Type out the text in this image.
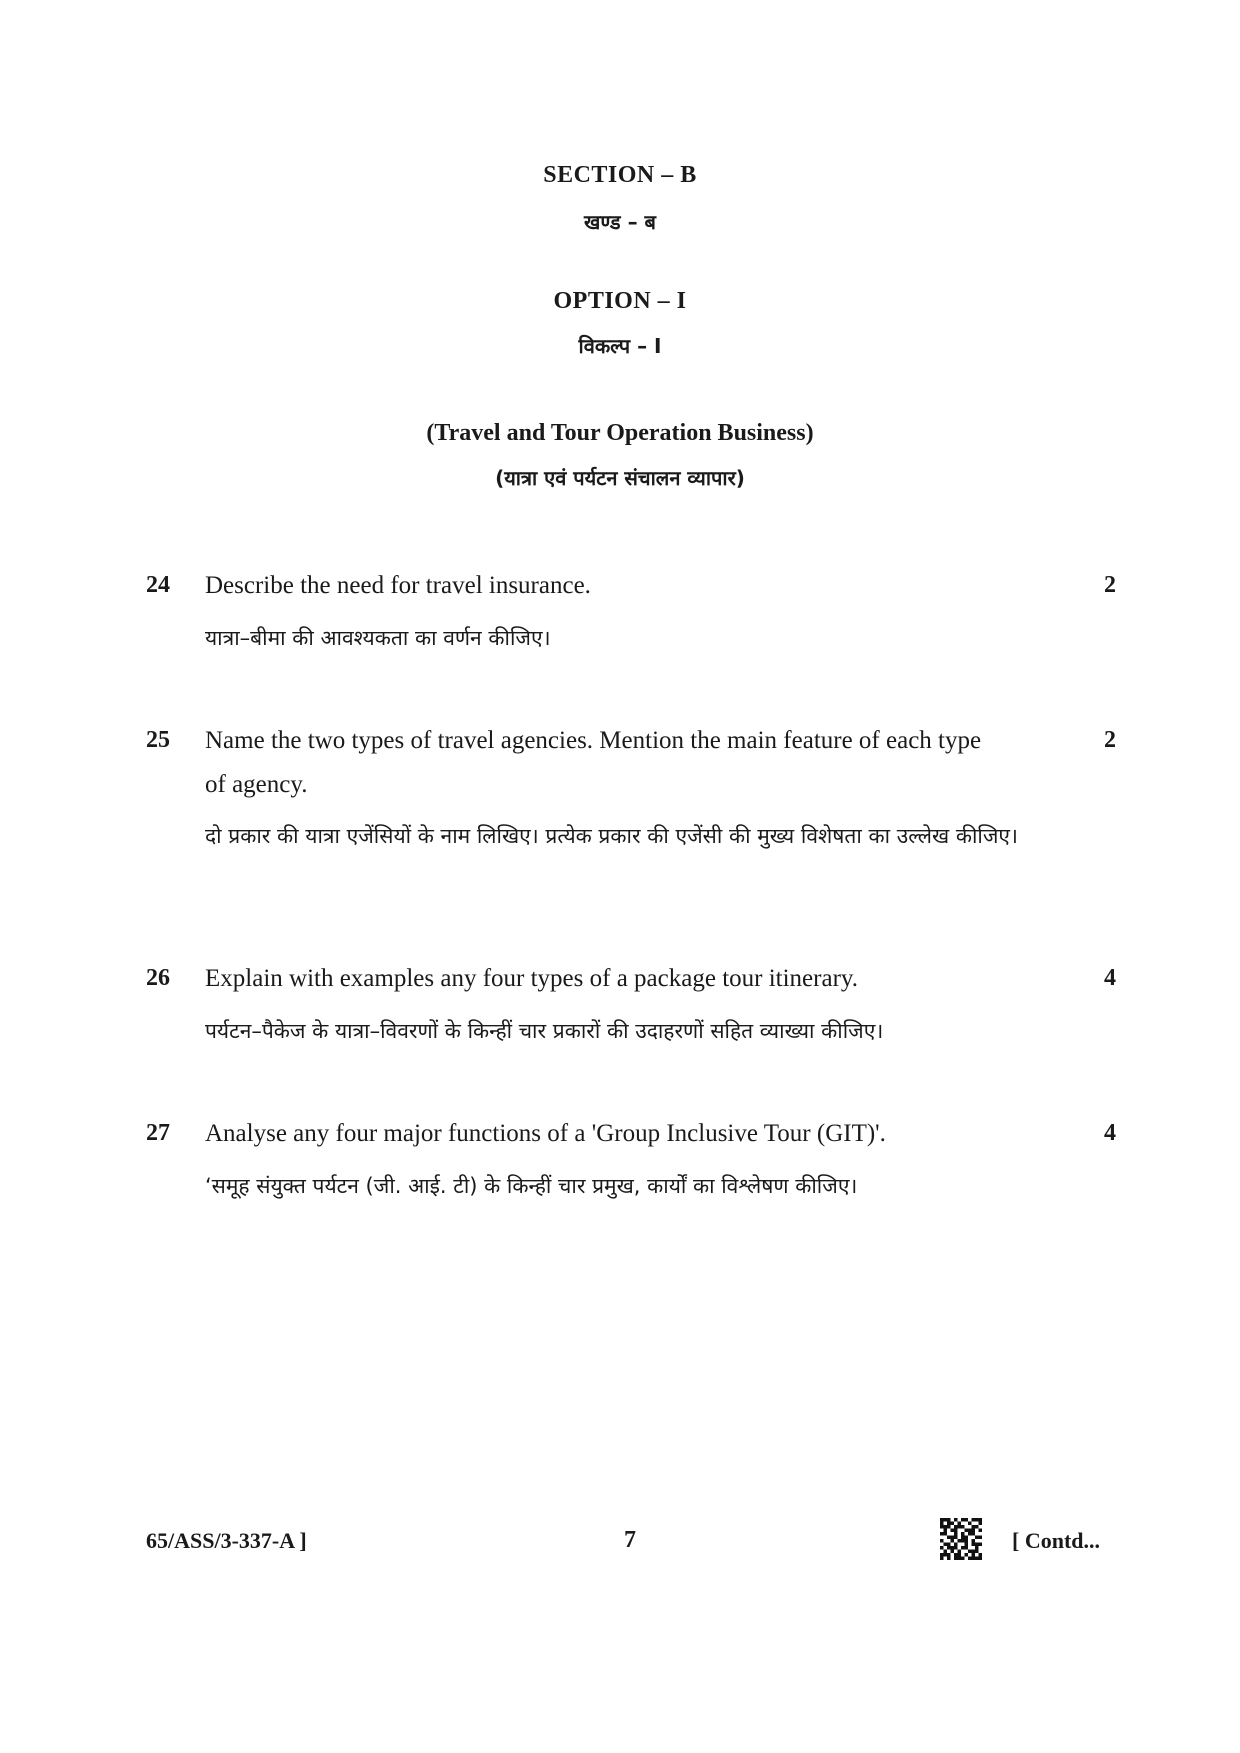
SECTION – B
खण्ड – ब
OPTION – I
विकल्प – I
(Travel and Tour Operation Business)
(यात्रा एवं पर्यटन संचालन व्यापार)
24 Describe the need for travel insurance.	2
यात्रा–बीमा की आवश्यकता का वर्णन कीजिए।
25 Name the two types of travel agencies. Mention the main feature of each type of agency.
2
दो प्रकार की यात्रा एजेंसियों के नाम लिखिए। प्रत्येक प्रकार की एजेंसी की मुख्य विशेषता का उल्लेख कीजिए।
26 Explain with examples any four types of a package tour itinerary.	4
पर्यटन–पैकेज के यात्रा–विवरणों के किन्हीं चार प्रकारों की उदाहरणों सहित व्याख्या कीजिए।
27 Analyse any four major functions of a 'Group Inclusive Tour (GIT)'.	4
‘समूह संयुक्त पर्यटन (जी. आई. टी) के किन्हीं चार प्रमुख, कार्यों का विश्लेषण कीजिए।
65/ASS/3-337-A ]	7	[ Contd...
